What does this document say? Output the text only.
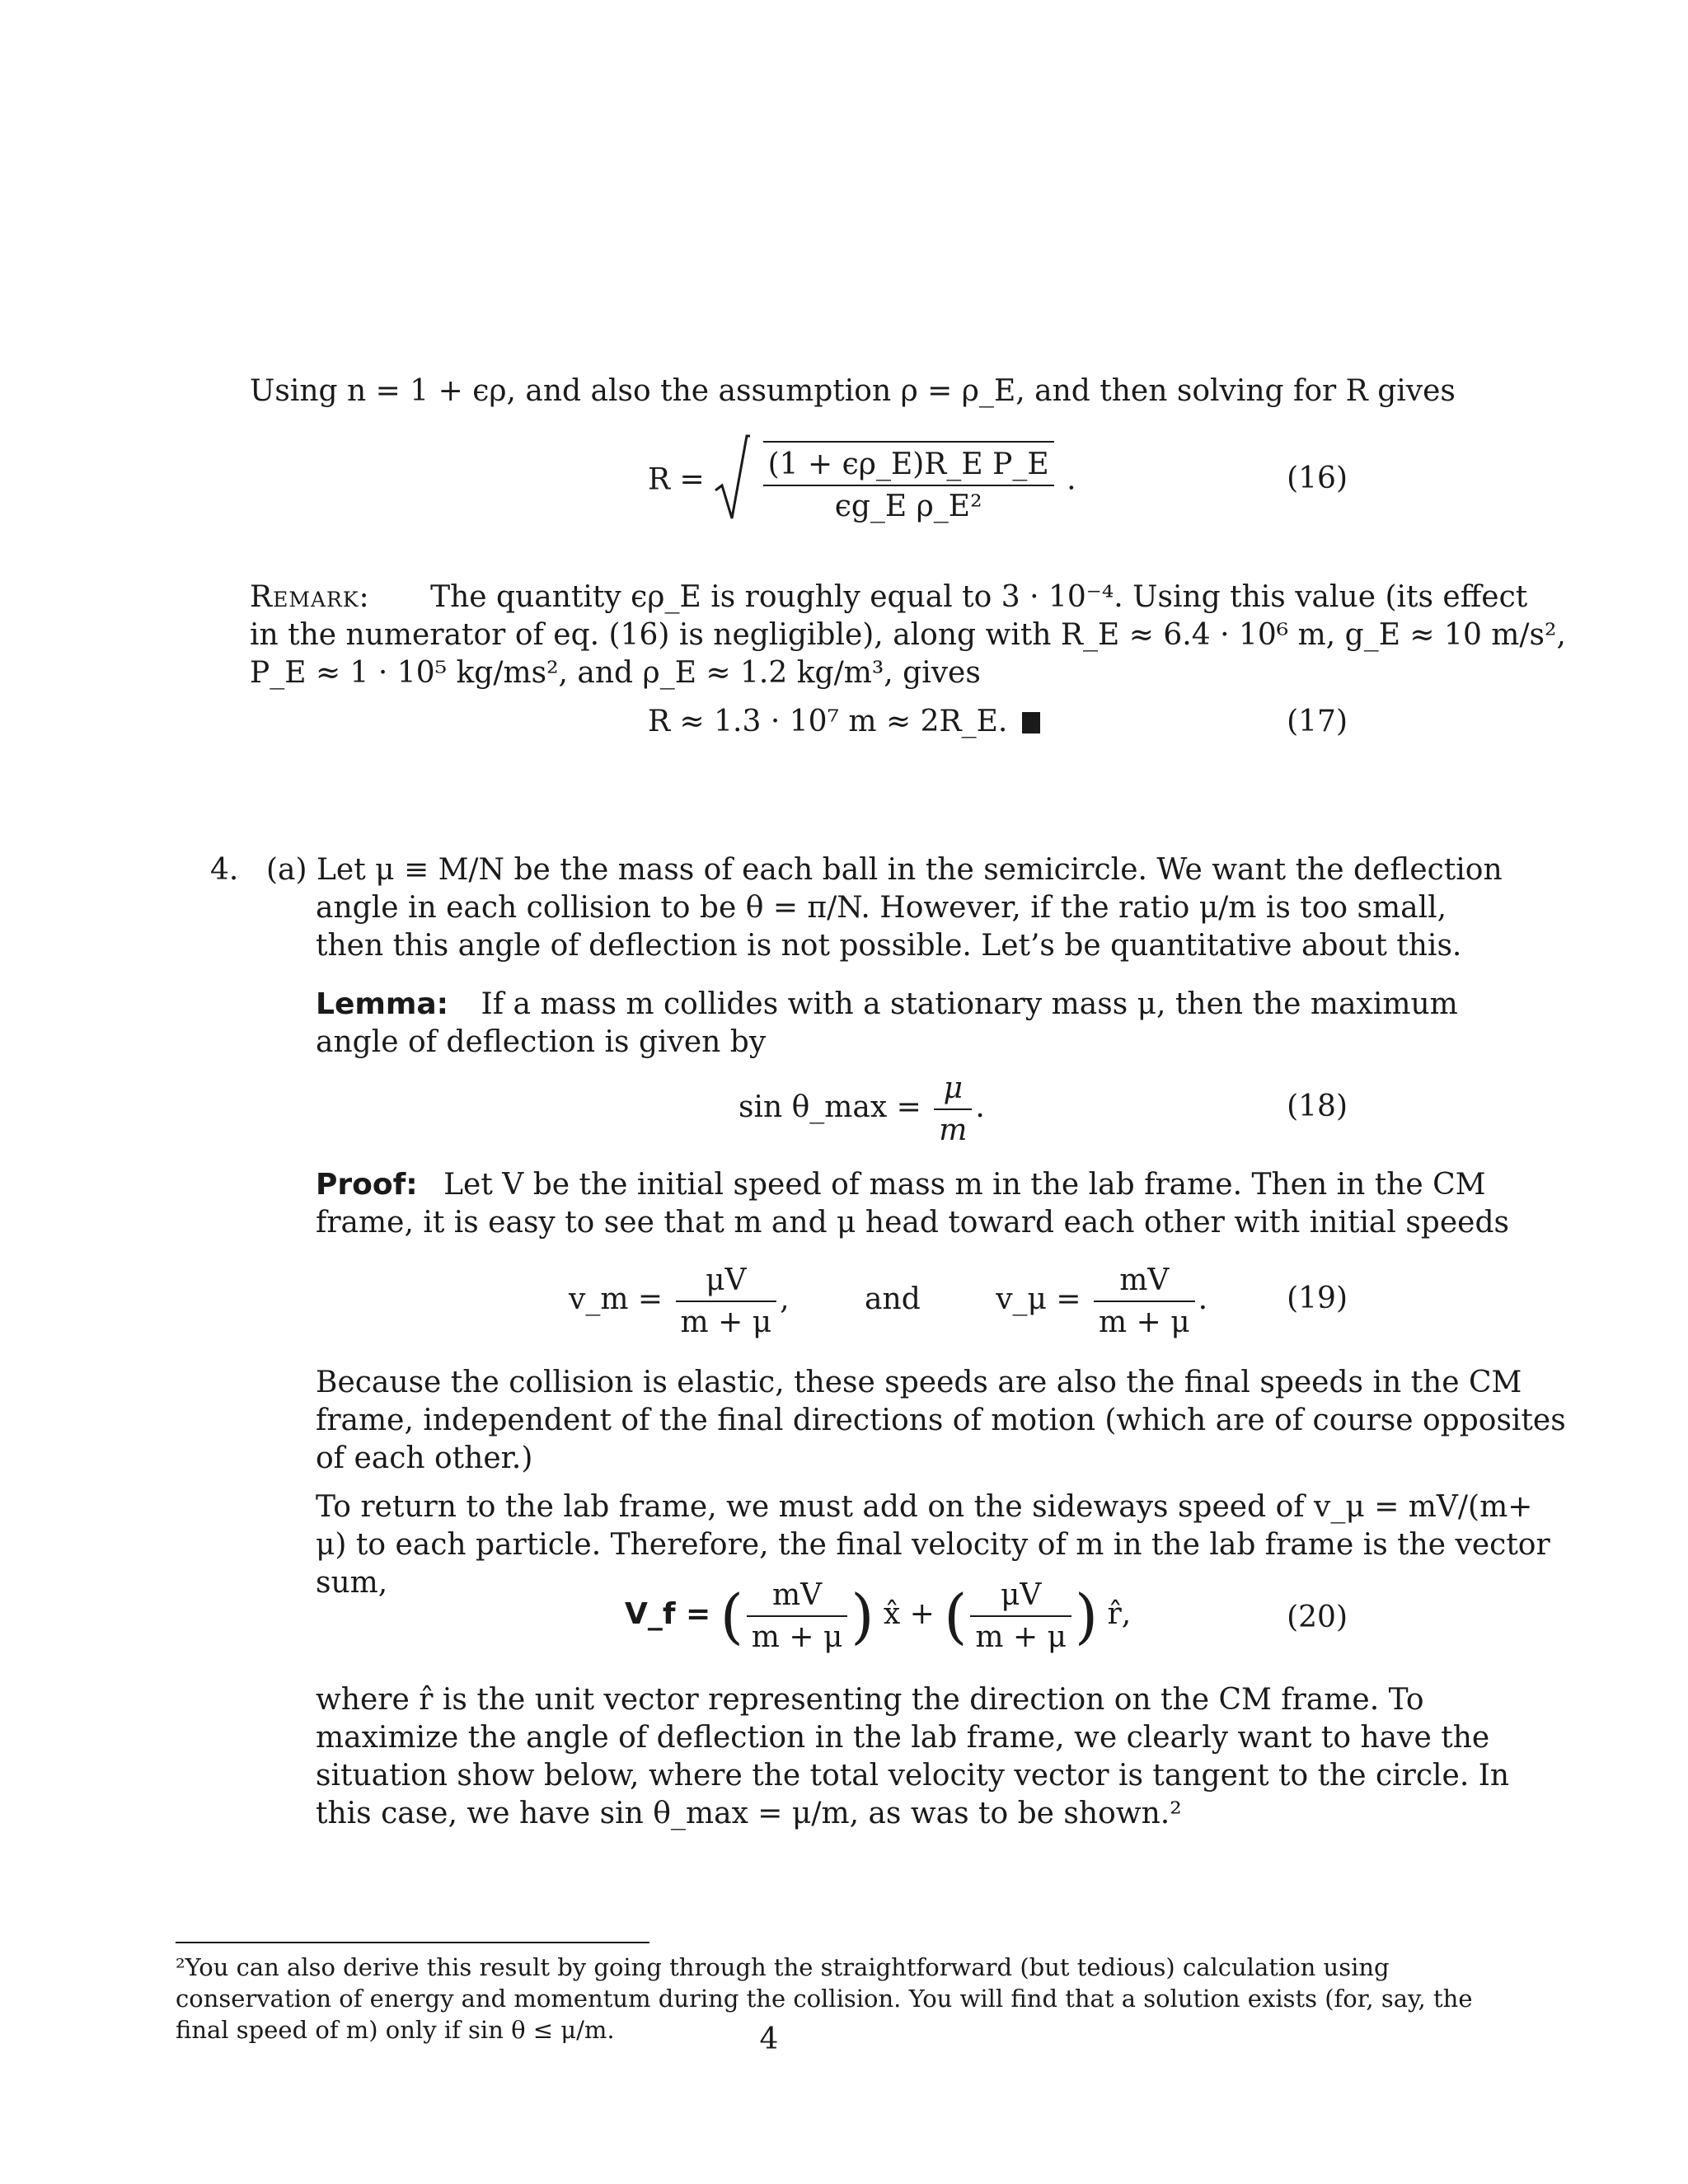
Using n = 1 + ϵρ, and also the assumption ρ = ρ_E, and then solving for R gives
$R = \frac{\text{(1 + ϵρ\_E)R\_E P\_E}}{\text{ϵg\_E ρ\_E²}}$ .	(16)
Remark: The quantity ϵρ_E is roughly equal to 3 · 10⁻⁴. Using this value (its effect
in the numerator of eq. (16) is negligible), along with R_E ≈ 6.4 · 10⁶ m, g_E ≈ 10 m/s²,
P_E ≈ 1 · 10⁵ kg/ms², and ρ_E ≈ 1.2 kg/m³, gives
R ≈ 1.3 · 10⁷ m ≈ 2R_E.	(17)
4. (a) Let μ ≡ M/N be the mass of each ball in the semicircle. We want the deflection
angle in each collision to be θ = π/N. However, if the ratio μ/m is too small,
then this angle of deflection is not possible. Let’s be quantitative about this.
Lemma: If a mass m collides with a stationary mass μ, then the maximum
angle of deflection is given by
sin θ_max = $\frac{\mu}{m}$ .	(18)
Proof: Let V be the initial speed of mass m in the lab frame. Then in the CM
frame, it is easy to see that m and μ head toward each other with initial speeds
v_m = $\frac{\mu V}{m + \mu}$ ,	and	v_μ = $\frac{mV}{m + \mu}$ .	(19)
Because the collision is elastic, these speeds are also the final speeds in the CM
frame, independent of the final directions of motion (which are of course opposites
of each other.)
To return to the lab frame, we must add on the sideways speed of v_μ = mV/(m+
μ) to each particle. Therefore, the final velocity of m in the lab frame is the vector
sum,
V_f = ( $\frac{mV}{m + \mu}$ ) x̂ + ( $\frac{\mu V}{m + \mu}$ ) r̂,	(20)
where r̂ is the unit vector representing the direction on the CM frame. To
maximize the angle of deflection in the lab frame, we clearly want to have the
situation show below, where the total velocity vector is tangent to the circle. In
this case, we have sin θ_max = μ/m, as was to be shown.²
²You can also derive this result by going through the straightforward (but tedious) calculation using
conservation of energy and momentum during the collision. You will find that a solution exists (for, say, the
final speed of m) only if sin θ ≤ μ/m.	4
